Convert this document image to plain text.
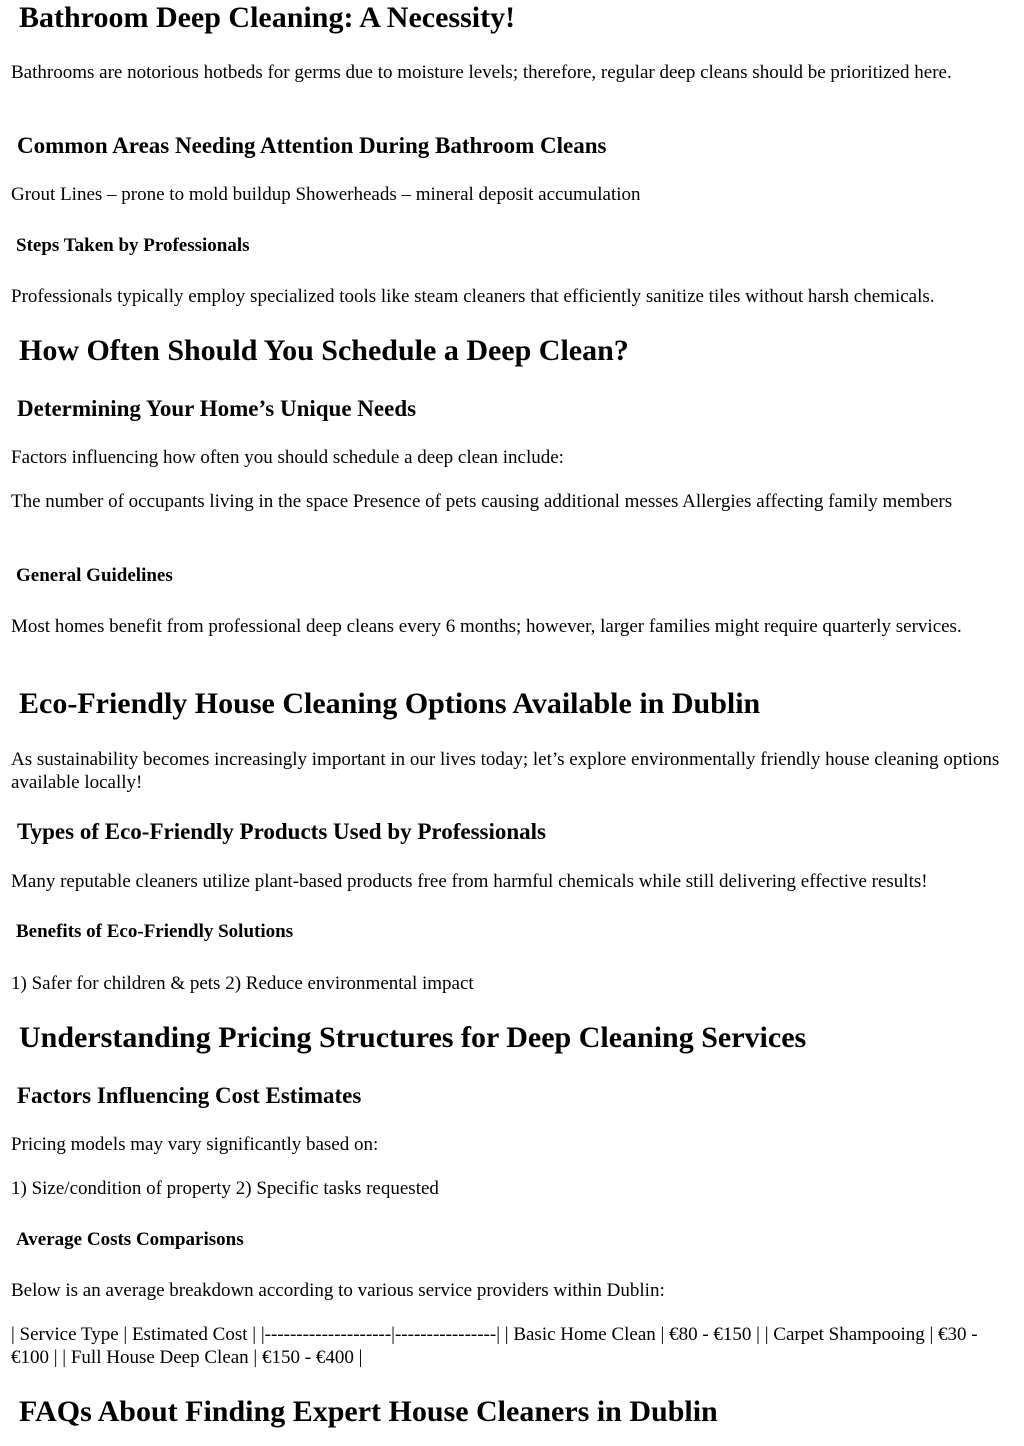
Bathroom Deep Cleaning: A Necessity!

Bathrooms are notorious hotbeds for germs due to moisture levels; therefore, regular deep cleans should be prioritized here.

Common Areas Needing Attention During Bathroom Cleans

Grout Lines – prone to mold buildup Showerheads – mineral deposit accumulation

Steps Taken by Professionals

Professionals typically employ specialized tools like steam cleaners that efficiently sanitize tiles without harsh chemicals.

How Often Should You Schedule a Deep Clean?
Determining Your Home’s Unique Needs

Factors influencing how often you should schedule a deep clean include:

The number of occupants living in the space Presence of pets causing additional messes Allergies affecting family members

General Guidelines

Most homes benefit from professional deep cleans every 6 months; however, larger families might require quarterly services.

Eco-Friendly House Cleaning Options Available in Dublin

As sustainability becomes increasingly important in our lives today; let’s explore environmentally friendly house cleaning options available locally!

Types of Eco-Friendly Products Used by Professionals

Many reputable cleaners utilize plant-based products free from harmful chemicals while still delivering effective results!

Benefits of Eco-Friendly Solutions

1) Safer for children & pets 2) Reduce environmental impact

Understanding Pricing Structures for Deep Cleaning Services
Factors Influencing Cost Estimates

Pricing models may vary significantly based on:

1) Size/condition of property 2) Specific tasks requested

Average Costs Comparisons

Below is an average breakdown according to various service providers within Dublin:

| Service Type | Estimated Cost | |--------------------|----------------| | Basic Home Clean | €80 - €150 | | Carpet Shampooing | €30 - €100 | | Full House Deep Clean | €150 - €400 |

FAQs About Finding Expert House Cleaners in Dublin
